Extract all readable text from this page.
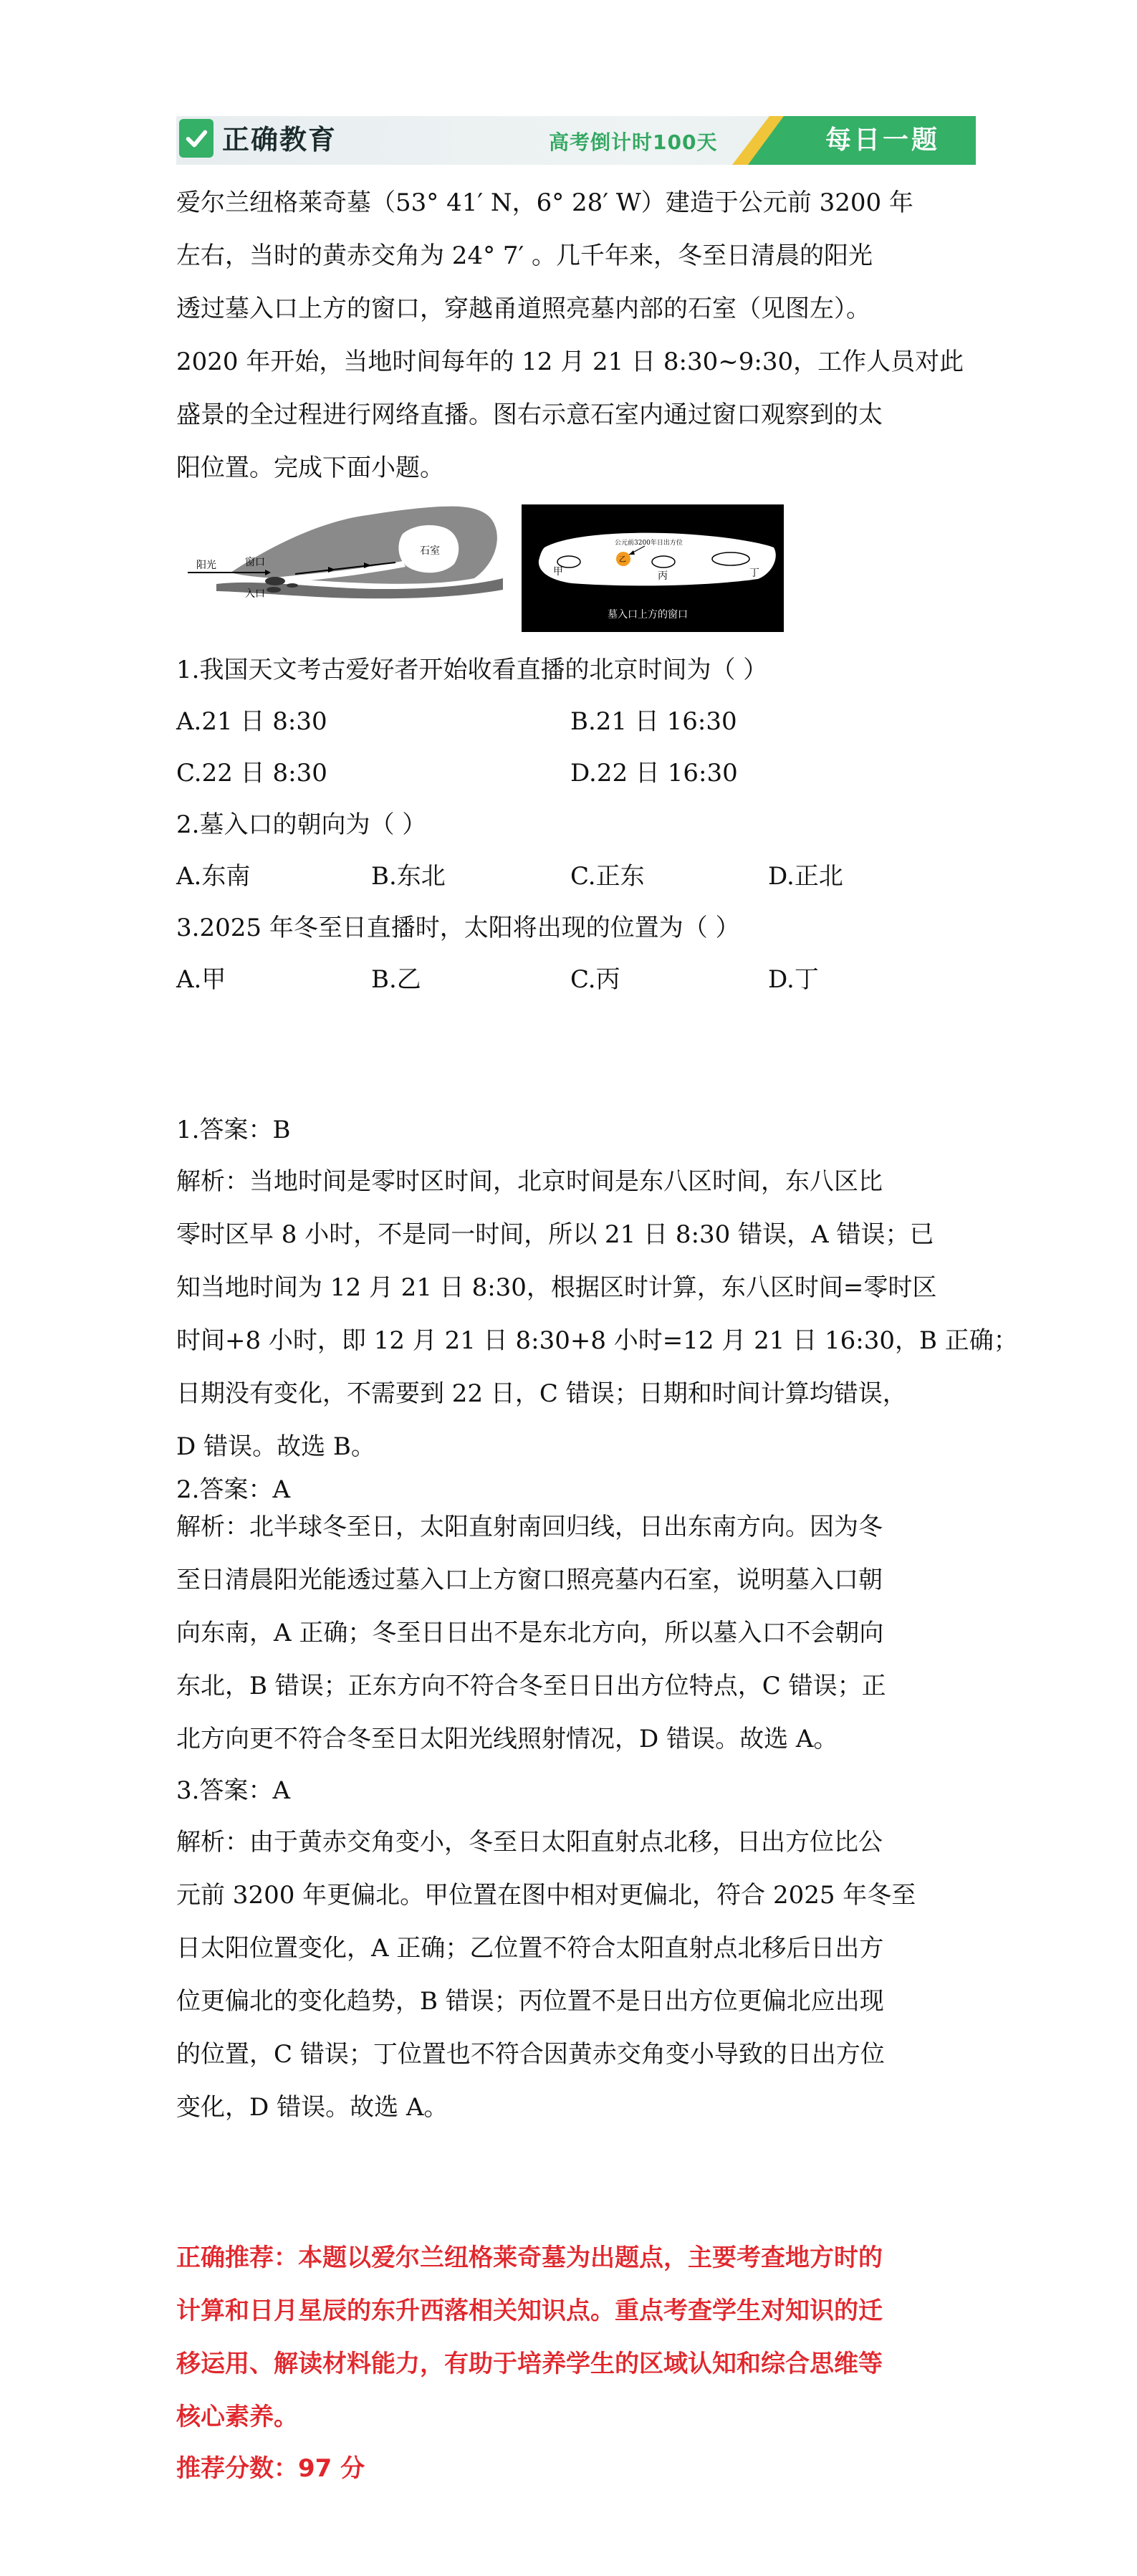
正确教育	高考倒计时100天	每日一题
爱尔兰纽格莱奇墓（53° 41′ N，6° 28′ W）建造于公元前 3200 年
左右，当时的黄赤交角为 24° 7′ 。几千年来，冬至日清晨的阳光
透过墓入口上方的窗口，穿越甬道照亮墓内部的石室（见图左）。
2020 年开始，当地时间每年的 12 月 21 日 8:30~9:30，工作人员对此
盛景的全过程进行网络直播。图右示意石室内通过窗口观察到的太
阳位置。完成下面小题。
阳光	窗口
入口
石室
公元前3200年日出方位
甲
乙
丙	丁
墓入口上方的窗口
1.我国天文考古爱好者开始收看直播的北京时间为（ ）
A.21 日 8:30	B.21 日 16:30
C.22 日 8:30	D.22 日 16:30
2.墓入口的朝向为（ ）
A.东南	B.东北	C.正东	D.正北
3.2025 年冬至日直播时，太阳将出现的位置为（ ）
A.甲	B.乙	C.丙	D.丁
1.答案：B
解析：当地时间是零时区时间，北京时间是东八区时间，东八区比
零时区早 8 小时，不是同一时间，所以 21 日 8:30 错误，A 错误；已
知当地时间为 12 月 21 日 8:30，根据区时计算，东八区时间=零时区
时间+8 小时，即 12 月 21 日 8:30+8 小时=12 月 21 日 16:30，B 正确；
日期没有变化，不需要到 22 日，C 错误；日期和时间计算均错误，
D 错误。故选 B。
2.答案：A
解析：北半球冬至日，太阳直射南回归线，日出东南方向。因为冬
至日清晨阳光能透过墓入口上方窗口照亮墓内石室，说明墓入口朝
向东南，A 正确；冬至日日出不是东北方向，所以墓入口不会朝向
东北，B 错误；正东方向不符合冬至日日出方位特点，C 错误；正
北方向更不符合冬至日太阳光线照射情况，D 错误。故选 A。
3.答案：A
解析：由于黄赤交角变小，冬至日太阳直射点北移，日出方位比公
元前 3200 年更偏北。甲位置在图中相对更偏北，符合 2025 年冬至
日太阳位置变化，A 正确；乙位置不符合太阳直射点北移后日出方
位更偏北的变化趋势，B 错误；丙位置不是日出方位更偏北应出现
的位置，C 错误；丁位置也不符合因黄赤交角变小导致的日出方位
变化，D 错误。故选 A。
正确推荐：本题以爱尔兰纽格莱奇墓为出题点，主要考查地方时的
计算和日月星辰的东升西落相关知识点。重点考查学生对知识的迁
移运用、解读材料能力，有助于培养学生的区域认知和综合思维等
核心素养。
推荐分数：97 分
